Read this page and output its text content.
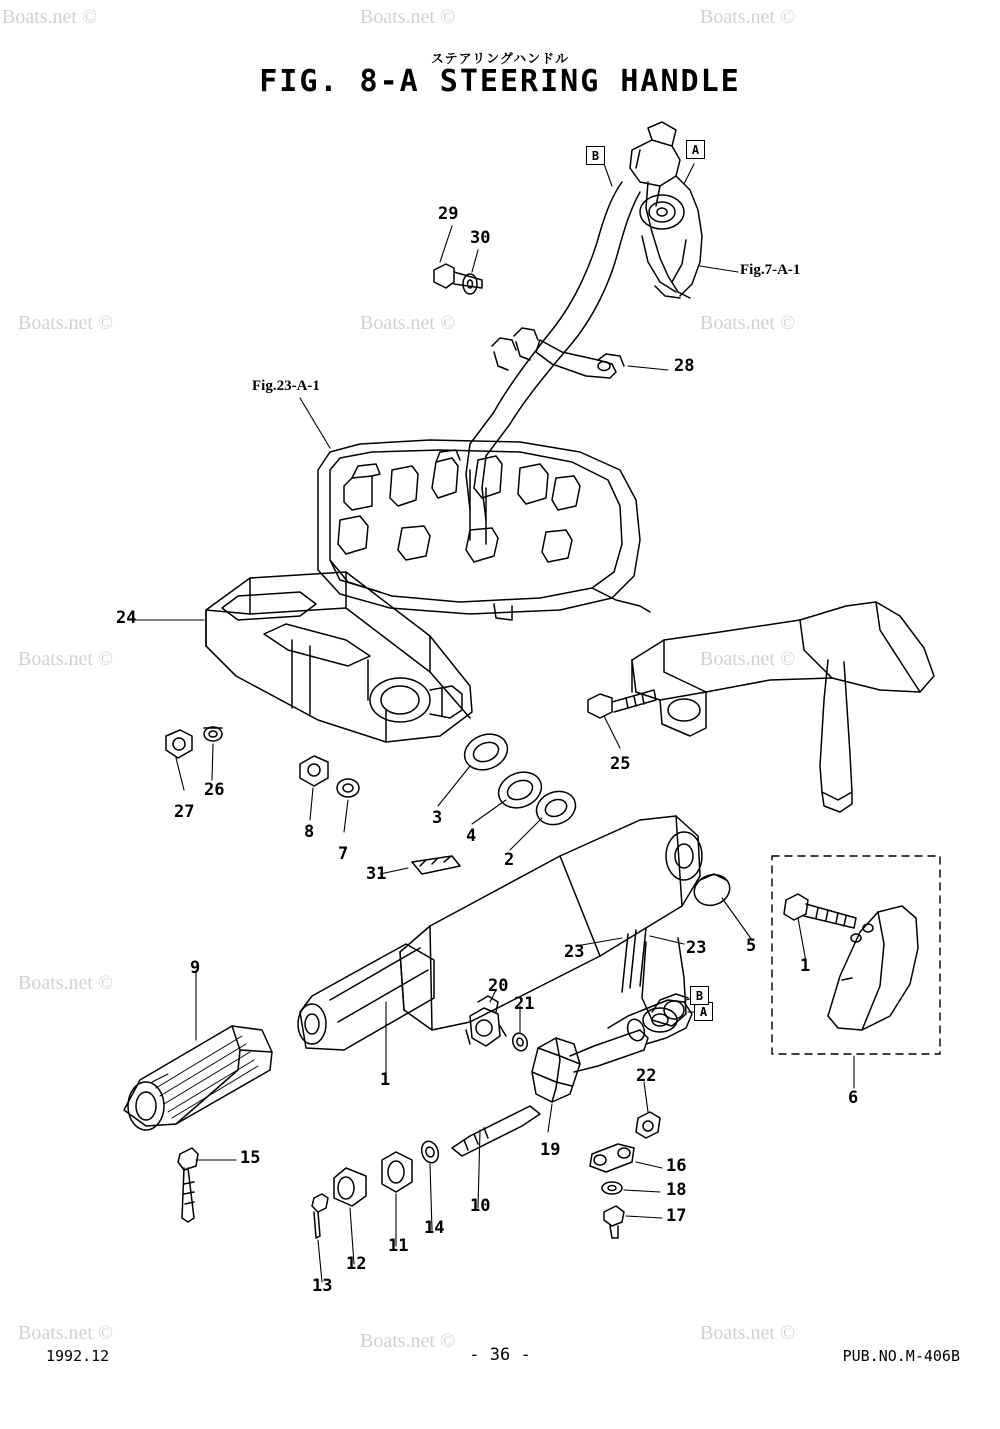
Boats.net ©	Boats.net ©	Boats.net ©
Boats.net ©	Boats.net ©	Boats.net ©
Boats.net ©	Boats.net ©
Boats.net ©
Boats.net ©	Boats.net ©	Boats.net ©
ステアリングハンドル
FIG. 8-A STEERING HANDLE
Fig.7-A-1
Fig.23-A-1
A
B
A
B
29
30
28
24
25
26
27
8
7
3
4
2
31
23	23 5
1
6
9
1
20
21
22
15	19
16
18
17
13
12
11
14
10
1992.12	- 36 -	PUB.NO.M-406B
